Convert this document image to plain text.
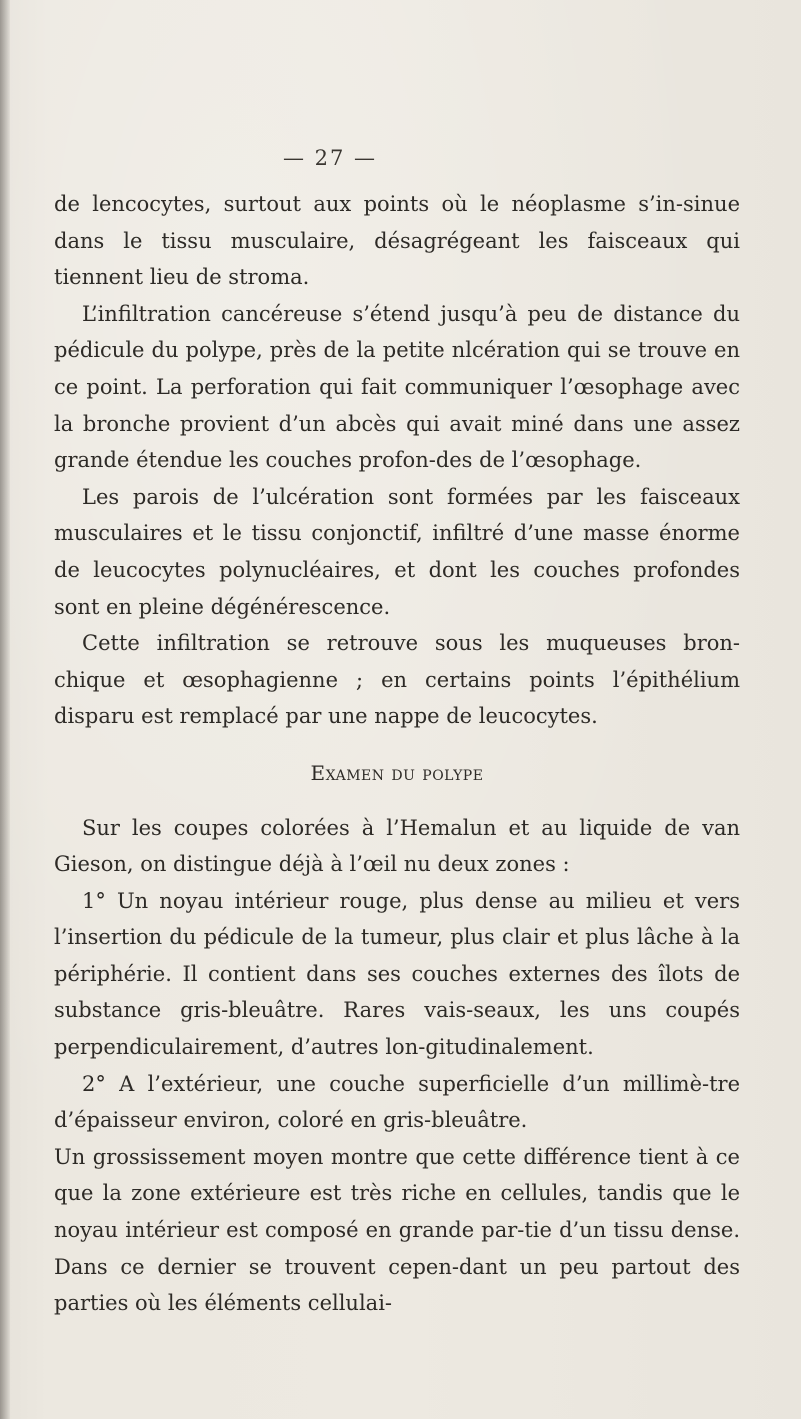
— 27 —

de lencocytes, surtout aux points où le néoplasme s’in-sinue dans le tissu musculaire, désagrégeant les faisceaux qui tiennent lieu de stroma.

L’infiltration cancéreuse s’étend jusqu’à peu de distance du pédicule du polype, près de la petite nlcération qui se trouve en ce point. La perforation qui fait communiquer l’œsophage avec la bronche provient d’un abcès qui avait miné dans une assez grande étendue les couches profon-des de l’œsophage.

Les parois de l’ulcération sont formées par les faisceaux musculaires et le tissu conjonctif, infiltré d’une masse énorme de leucocytes polynucléaires, et dont les couches profondes sont en pleine dégénérescence.

Cette infiltration se retrouve sous les muqueuses bron-chique et œsophagienne ; en certains points l’épithélium disparu est remplacé par une nappe de leucocytes.

Examen du polype

Sur les coupes colorées à l’Hemalun et au liquide de van Gieson, on distingue déjà à l’œil nu deux zones :

1° Un noyau intérieur rouge, plus dense au milieu et vers l’insertion du pédicule de la tumeur, plus clair et plus lâche à la périphérie. Il contient dans ses couches externes des îlots de substance gris-bleuâtre. Rares vais-seaux, les uns coupés perpendiculairement, d’autres lon-gitudinalement.

2° A l’extérieur, une couche superficielle d’un millimè-tre d’épaisseur environ, coloré en gris-bleuâtre.

Un grossissement moyen montre que cette différence tient à ce que la zone extérieure est très riche en cellules, tandis que le noyau intérieur est composé en grande par-tie d’un tissu dense. Dans ce dernier se trouvent cepen-dant un peu partout des parties où les éléments cellulai-
